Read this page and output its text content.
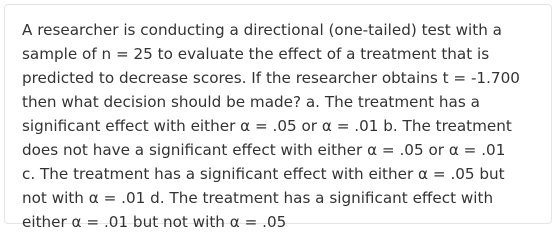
A researcher is conducting a directional (one-tailed) test with a
sample of n = 25 to evaluate the effect of a treatment that is
predicted to decrease scores. If the researcher obtains t = -1.700
then what decision should be made? a. The treatment has a
significant effect with either α = .05 or α = .01 b. The treatment
does not have a significant effect with either α = .05 or α = .01
c. The treatment has a significant effect with either α = .05 but
not with α = .01 d. The treatment has a significant effect with
either α = .01 but not with α = .05
